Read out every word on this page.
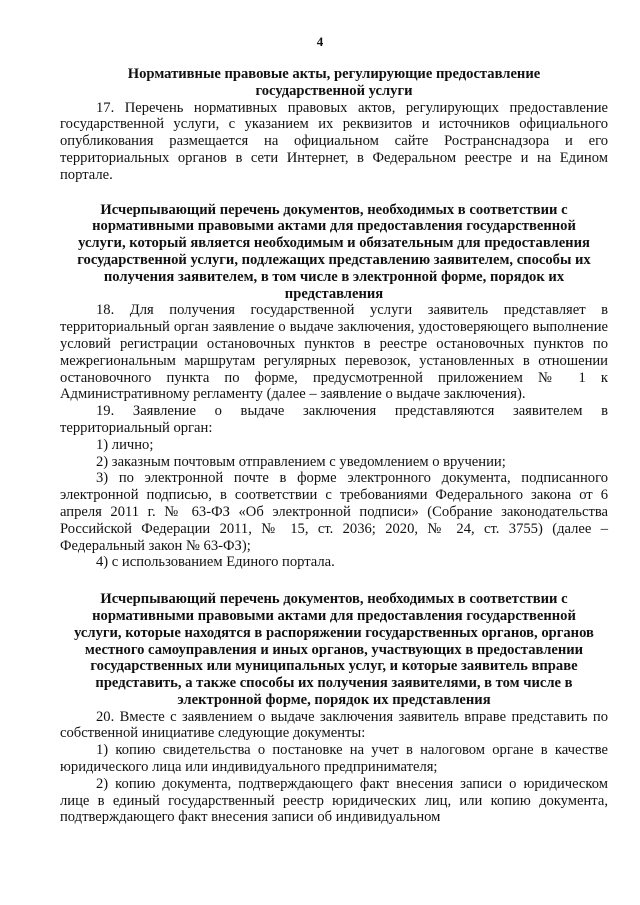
4
Нормативные правовые акты, регулирующие предоставление
государственной услуги

17. Перечень нормативных правовых актов, регулирующих предоставление государственной услуги, с указанием их реквизитов и источников официального опубликования размещается на официальном сайте Ространснадзора и его территориальных органов в сети Интернет, в Федеральном реестре и на Едином портале.

Исчерпывающий перечень документов, необходимых в соответствии с нормативными правовыми актами для предоставления государственной услуги, который является необходимым и обязательным для предоставления государственной услуги, подлежащих представлению заявителем, способы их получения заявителем, в том числе в электронной форме, порядок их представления

18. Для получения государственной услуги заявитель представляет в территориальный орган заявление о выдаче заключения, удостоверяющего выполнение условий регистрации остановочных пунктов в реестре остановочных пунктов по межрегиональным маршрутам регулярных перевозок, установленных в отношении остановочного пункта по форме, предусмотренной приложением № 1 к Административному регламенту (далее – заявление о выдаче заключения).

19. Заявление о выдаче заключения представляются заявителем в территориальный орган:

1) лично;

2) заказным почтовым отправлением с уведомлением о вручении;

3) по электронной почте в форме электронного документа, подписанного электронной подписью, в соответствии с требованиями Федерального закона от 6 апреля 2011 г. № 63-ФЗ «Об электронной подписи» (Собрание законодательства Российской Федерации 2011, № 15, ст. 2036; 2020, № 24, ст. 3755) (далее – Федеральный закон № 63-ФЗ);

4) с использованием Единого портала.

Исчерпывающий перечень документов, необходимых в соответствии с нормативными правовыми актами для предоставления государственной услуги, которые находятся в распоряжении государственных органов, органов местного самоуправления и иных органов, участвующих в предоставлении государственных или муниципальных услуг, и которые заявитель вправе представить, а также способы их получения заявителями, в том числе в электронной форме, порядок их представления

20. Вместе с заявлением о выдаче заключения заявитель вправе представить по собственной инициативе следующие документы:

1) копию свидетельства о постановке на учет в налоговом органе в качестве юридического лица или индивидуального предпринимателя;

2) копию документа, подтверждающего факт внесения записи о юридическом лице в единый государственный реестр юридических лиц, или копию документа, подтверждающего факт внесения записи об индивидуальном
